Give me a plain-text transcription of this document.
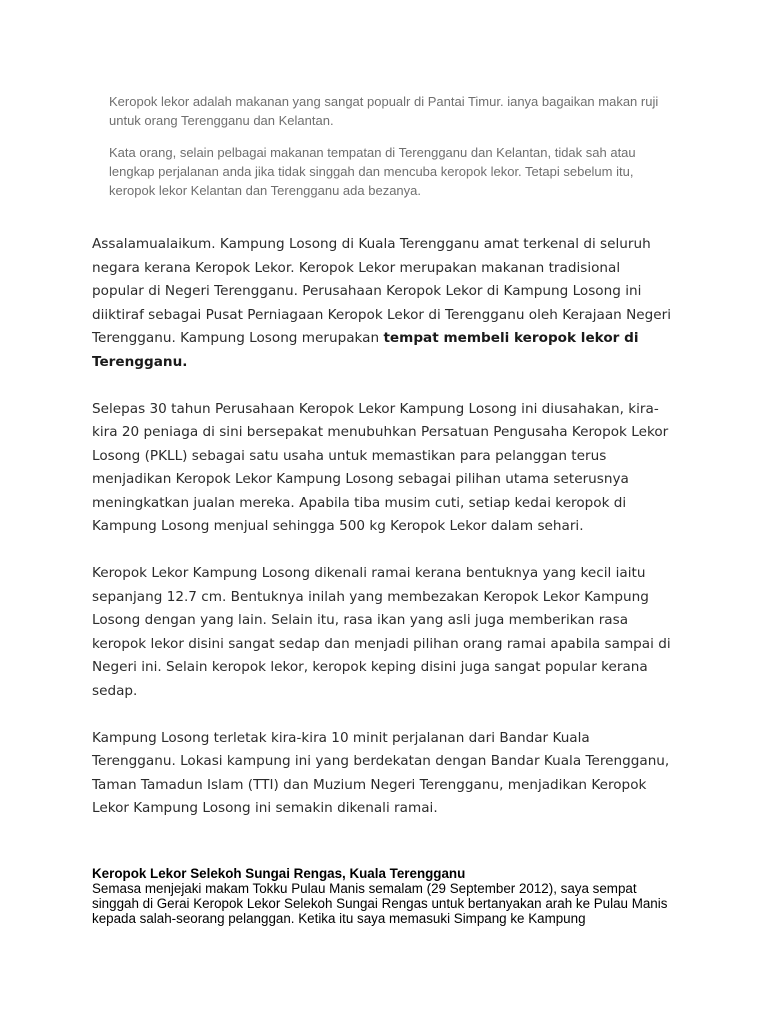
Keropok lekor adalah makanan yang sangat popualr di Pantai Timur. ianya bagaikan makan ruji untuk orang Terengganu dan Kelantan.

Kata orang, selain pelbagai makanan tempatan di Terengganu dan Kelantan, tidak sah atau lengkap perjalanan anda jika tidak singgah dan mencuba keropok lekor. Tetapi sebelum itu, keropok lekor Kelantan dan Terengganu ada bezanya.

Assalamualaikum. Kampung Losong di Kuala Terengganu amat terkenal di seluruh negara kerana Keropok Lekor. Keropok Lekor merupakan makanan tradisional popular di Negeri Terengganu. Perusahaan Keropok Lekor di Kampung Losong ini diiktiraf sebagai Pusat Perniagaan Keropok Lekor di Terengganu oleh Kerajaan Negeri Terengganu. Kampung Losong merupakan tempat membeli keropok lekor di Terengganu.

Selepas 30 tahun Perusahaan Keropok Lekor Kampung Losong ini diusahakan, kira-kira 20 peniaga di sini bersepakat menubuhkan Persatuan Pengusaha Keropok Lekor Losong (PKLL) sebagai satu usaha untuk memastikan para pelanggan terus menjadikan Keropok Lekor Kampung Losong sebagai pilihan utama seterusnya meningkatkan jualan mereka. Apabila tiba musim cuti, setiap kedai keropok di Kampung Losong menjual sehingga 500 kg Keropok Lekor dalam sehari.

Keropok Lekor Kampung Losong dikenali ramai kerana bentuknya yang kecil iaitu sepanjang 12.7 cm. Bentuknya inilah yang membezakan Keropok Lekor Kampung Losong dengan yang lain. Selain itu, rasa ikan yang asli juga memberikan rasa keropok lekor disini sangat sedap dan menjadi pilihan orang ramai apabila sampai di Negeri ini. Selain keropok lekor, keropok keping disini juga sangat popular kerana sedap.

Kampung Losong terletak kira-kira 10 minit perjalanan dari Bandar Kuala Terengganu. Lokasi kampung ini yang berdekatan dengan Bandar Kuala Terengganu, Taman Tamadun Islam (TTI) dan Muzium Negeri Terengganu, menjadikan Keropok Lekor Kampung Losong ini semakin dikenali ramai.

Keropok Lekor Selekoh Sungai Rengas, Kuala Terengganu

Semasa menjejaki makam Tokku Pulau Manis semalam (29 September 2012), saya sempat singgah di Gerai Keropok Lekor Selekoh Sungai Rengas untuk bertanyakan arah ke Pulau Manis kepada salah-seorang pelanggan. Ketika itu saya memasuki Simpang ke Kampung
